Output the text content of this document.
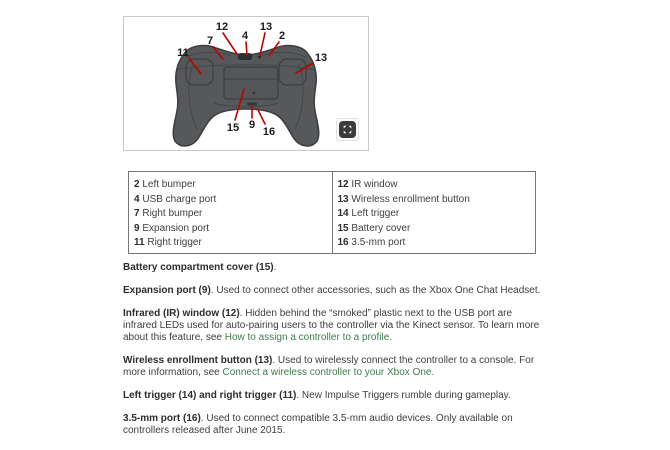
12
4
13
2
7
11	13
15 9
16
2 Left bumper
4 USB charge port
7 Right bumper
9 Expansion port
11 Right trigger
12 IR window
13 Wireless enrollment button
14 Left trigger
15 Battery cover
16 3.5-mm port

Battery compartment cover (15).

Expansion port (9). Used to connect other accessories, such as the Xbox One Chat Headset.

Infrared (IR) window (12). Hidden behind the “smoked” plastic next to the USB port are infrared LEDs used for auto-pairing users to the controller via the Kinect sensor. To learn more about this feature, see How to assign a controller to a profile.

Wireless enrollment button (13). Used to wirelessly connect the controller to a console. For more information, see Connect a wireless controller to your Xbox One.

Left trigger (14) and right trigger (11). New Impulse Triggers rumble during gameplay.

3.5-mm port (16). Used to connect compatible 3.5-mm audio devices. Only available on controllers released after June 2015.
